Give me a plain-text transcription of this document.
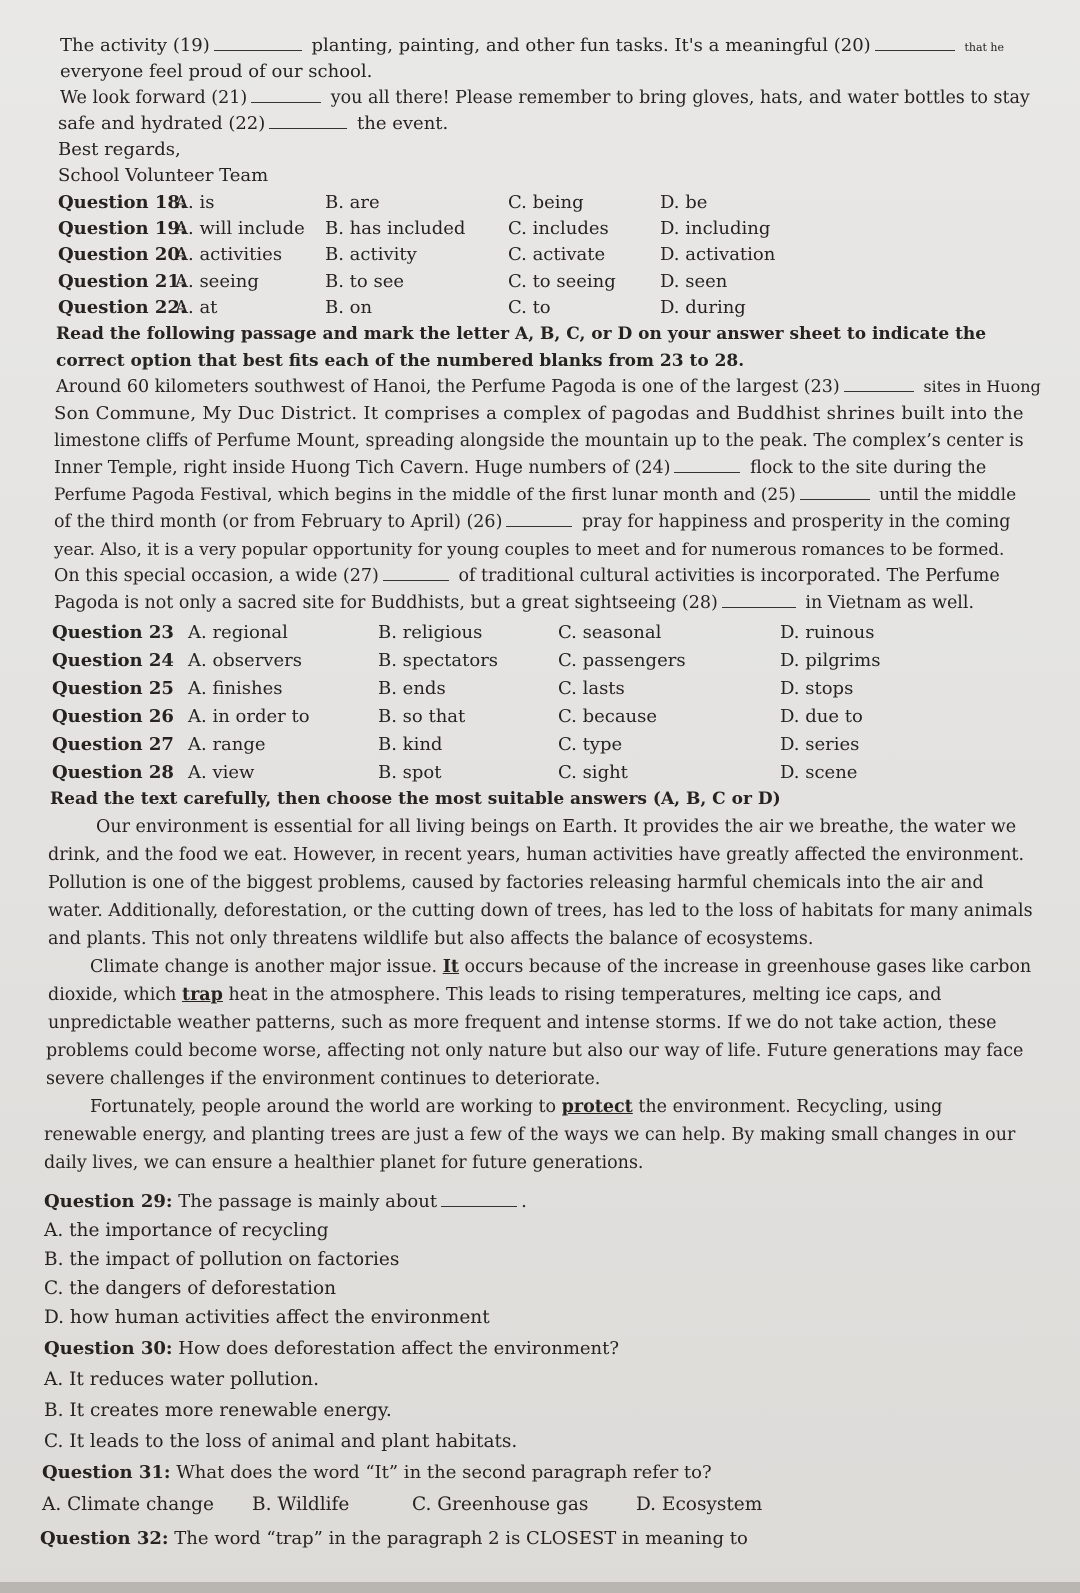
The activity (19)	planting, painting, and other fun tasks. It's a meaningful (20)	that he
everyone feel proud of our school.
We look forward (21)	you all there! Please remember to bring gloves, hats, and water bottles to stay
safe and hydrated (22)	the event.
Best regards,
School Volunteer Team
Question 18:
A. is	B. are	C. being	D. be
Question 19:
A. will include B. has included C. includes	D. including
Question 20:
A. activities B. activity	C. activate	D. activation
Question 21:
A. seeing	B. to see	C. to seeing D. seen
Question 22:
A. at	B. on	C. to	D. during
Read the following passage and mark the letter A, B, C, or D on your answer sheet to indicate the
correct option that best fits each of the numbered blanks from 23 to 28.
Around 60 kilometers southwest of Hanoi, the Perfume Pagoda is one of the largest (23)	sites in Huong
Son Commune, My Duc District. It comprises a complex of pagodas and Buddhist shrines built into the
limestone cliffs of Perfume Mount, spreading alongside the mountain up to the peak. The complex’s center is
Inner Temple, right inside Huong Tich Cavern. Huge numbers of (24)	flock to the site during the
Perfume Pagoda Festival, which begins in the middle of the first lunar month and (25)	until the middle
of the third month (or from February to April) (26)	pray for happiness and prosperity in the coming
year. Also, it is a very popular opportunity for young couples to meet and for numerous romances to be formed.
On this special occasion, a wide (27)	of traditional cultural activities is incorporated. The Perfume
Pagoda is not only a sacred site for Buddhists, but a great sightseeing (28)	in Vietnam as well.
Question 23 A. regional	B. religious	C. seasonal	D. ruinous
Question 24 A. observers	B. spectators	C. passengers	D. pilgrims
Question 25 A. finishes	B. ends	C. lasts	D. stops
Question 26 A. in order to	B. so that	C. because	D. due to
Question 27 A. range	B. kind	C. type	D. series
Question 28 A. view	B. spot	C. sight	D. scene
Read the text carefully, then choose the most suitable answers (A, B, C or D)
Our environment is essential for all living beings on Earth. It provides the air we breathe, the water we
drink, and the food we eat. However, in recent years, human activities have greatly affected the environment.
Pollution is one of the biggest problems, caused by factories releasing harmful chemicals into the air and
water. Additionally, deforestation, or the cutting down of trees, has led to the loss of habitats for many animals
and plants. This not only threatens wildlife but also affects the balance of ecosystems.
Climate change is another major issue. It occurs because of the increase in greenhouse gases like carbon
dioxide, which trap heat in the atmosphere. This leads to rising temperatures, melting ice caps, and
unpredictable weather patterns, such as more frequent and intense storms. If we do not take action, these
problems could become worse, affecting not only nature but also our way of life. Future generations may face
severe challenges if the environment continues to deteriorate.
Fortunately, people around the world are working to protect the environment. Recycling, using
renewable energy, and planting trees are just a few of the ways we can help. By making small changes in our
daily lives, we can ensure a healthier planet for future generations.
Question 29: The passage is mainly about	.
A. the importance of recycling
B. the impact of pollution on factories
C. the dangers of deforestation
D. how human activities affect the environment
Question 30: How does deforestation affect the environment?
A. It reduces water pollution.
B. It creates more renewable energy.
C. It leads to the loss of animal and plant habitats.
Question 31: What does the word “It” in the second paragraph refer to?
A. Climate change B. Wildlife	C. Greenhouse gas	D. Ecosystem
Question 32: The word “trap” in the paragraph 2 is CLOSEST in meaning to
